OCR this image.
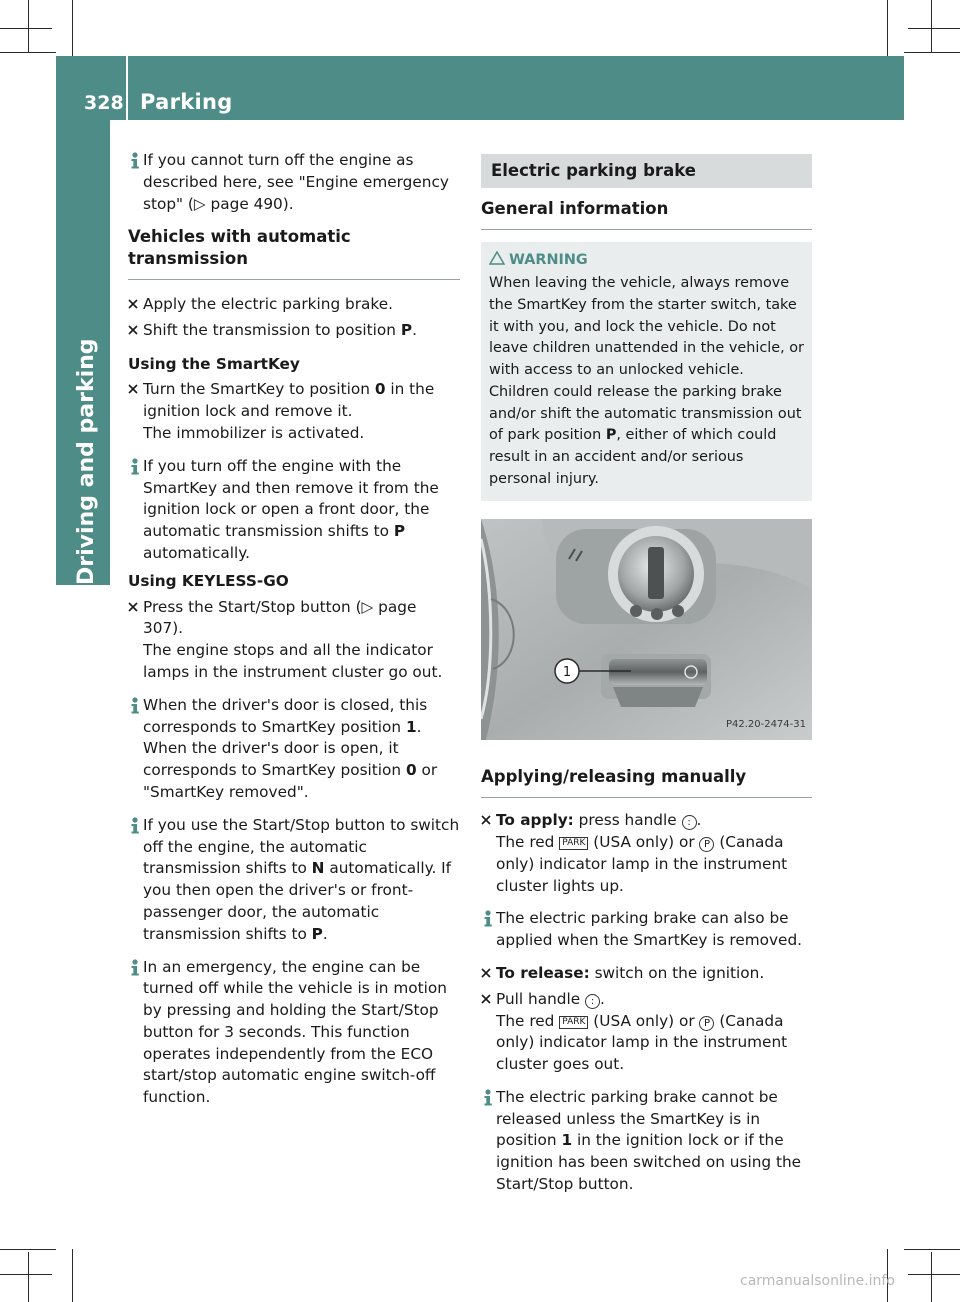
328 Parking
Driving and parking
If you cannot turn off the engine as described here, see "Engine emergency stop" (▷ page 490).
Vehicles with automatic transmission
Apply the electric parking brake.
Shift the transmission to position P.
Using the SmartKey
Turn the SmartKey to position 0 in the ignition lock and remove it.
The immobilizer is activated.
If you turn off the engine with the SmartKey and then remove it from the ignition lock or open a front door, the automatic transmission shifts to P automatically.
Using KEYLESS-GO
Press the Start/Stop button (▷ page 307).
The engine stops and all the indicator lamps in the instrument cluster go out.
When the driver's door is closed, this corresponds to SmartKey position 1. When the driver's door is open, it corresponds to SmartKey position 0 or "SmartKey removed".
If you use the Start/Stop button to switch off the engine, the automatic transmission shifts to N automatically. If you then open the driver's or front-passenger door, the automatic transmission shifts to P.
In an emergency, the engine can be turned off while the vehicle is in motion by pressing and holding the Start/Stop button for 3 seconds. This function operates independently from the ECO start/stop automatic engine switch-off function.
Electric parking brake
General information
WARNING
When leaving the vehicle, always remove the SmartKey from the starter switch, take it with you, and lock the vehicle. Do not leave children unattended in the vehicle, or with access to an unlocked vehicle. Children could release the parking brake and/or shift the automatic transmission out of park position P, either of which could result in an accident and/or serious personal injury.
1
P42.20-2474-31
Applying/releasing manually
To apply: press handle : .
The red PARK (USA only) or P (Canada only) indicator lamp in the instrument cluster lights up.
The electric parking brake can also be applied when the SmartKey is removed.
To release: switch on the ignition.
Pull handle : .
The red PARK (USA only) or P (Canada only) indicator lamp in the instrument cluster goes out.
The electric parking brake cannot be released unless the SmartKey is in position 1 in the ignition lock or if the ignition has been switched on using the Start/Stop button.
carmanualsonline.info
